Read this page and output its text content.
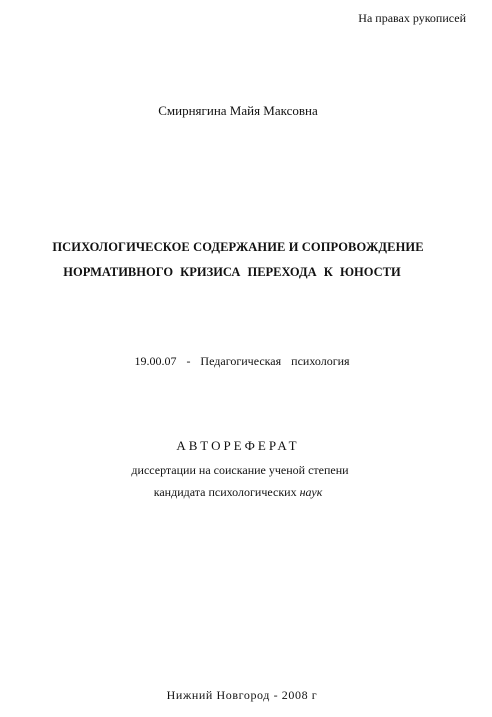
На правах рукописей
Смирнягина Майя Максовна
ПСИХОЛОГИЧЕСКОЕ СОДЕРЖАНИЕ И СОПРОВОЖДЕНИЕ
НОРМАТИВНОГО КРИЗИСА ПЕРЕХОДА К ЮНОСТИ
19.00.07  -  Педагогическая  психология
АВТОРЕФЕРАТ
диссертации на соискание ученой степени
кандидата психологических наук
Нижний Новгород - 2008 г
